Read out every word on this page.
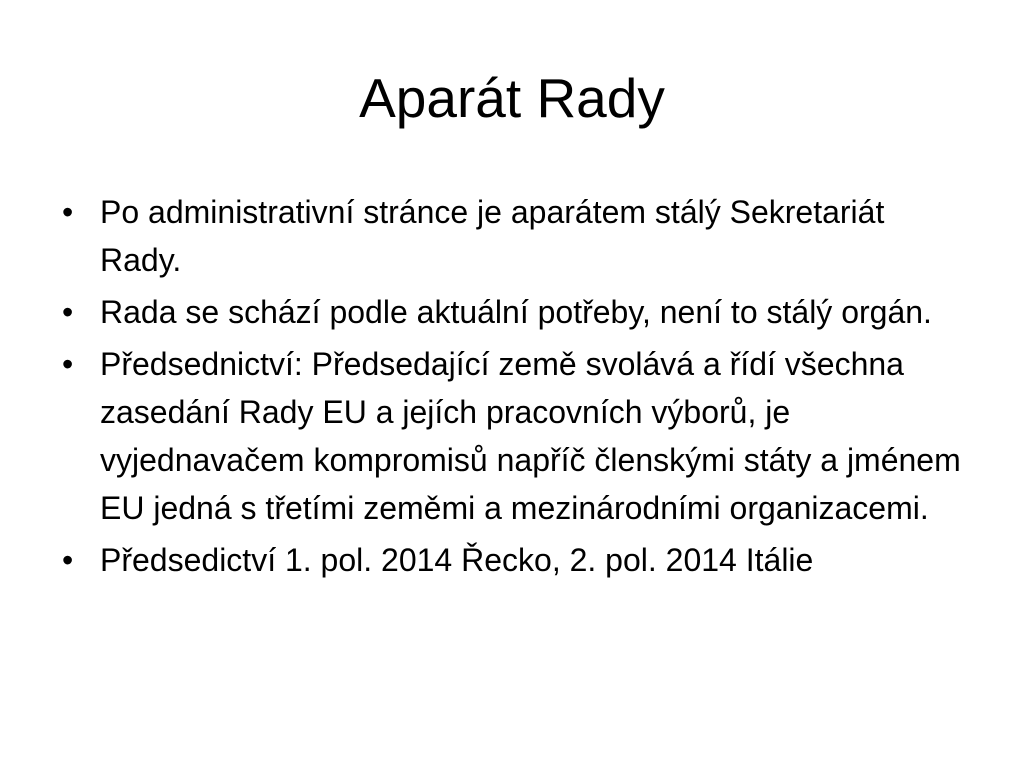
Aparát Rady
• Po administrativní stránce je aparátem stálý Sekretariát Rady.
• Rada se schází podle aktuální potřeby, není to stálý orgán.
• Předsednictví: Předsedající země svolává a řídí všechna zasedání Rady EU a jejích pracovních výborů, je vyjednavačem kompromisů napříč členskými státy a jménem EU jedná s třetími zeměmi a mezinárodními organizacemi.
• Předsedictví 1. pol. 2014 Řecko, 2. pol. 2014 Itálie
